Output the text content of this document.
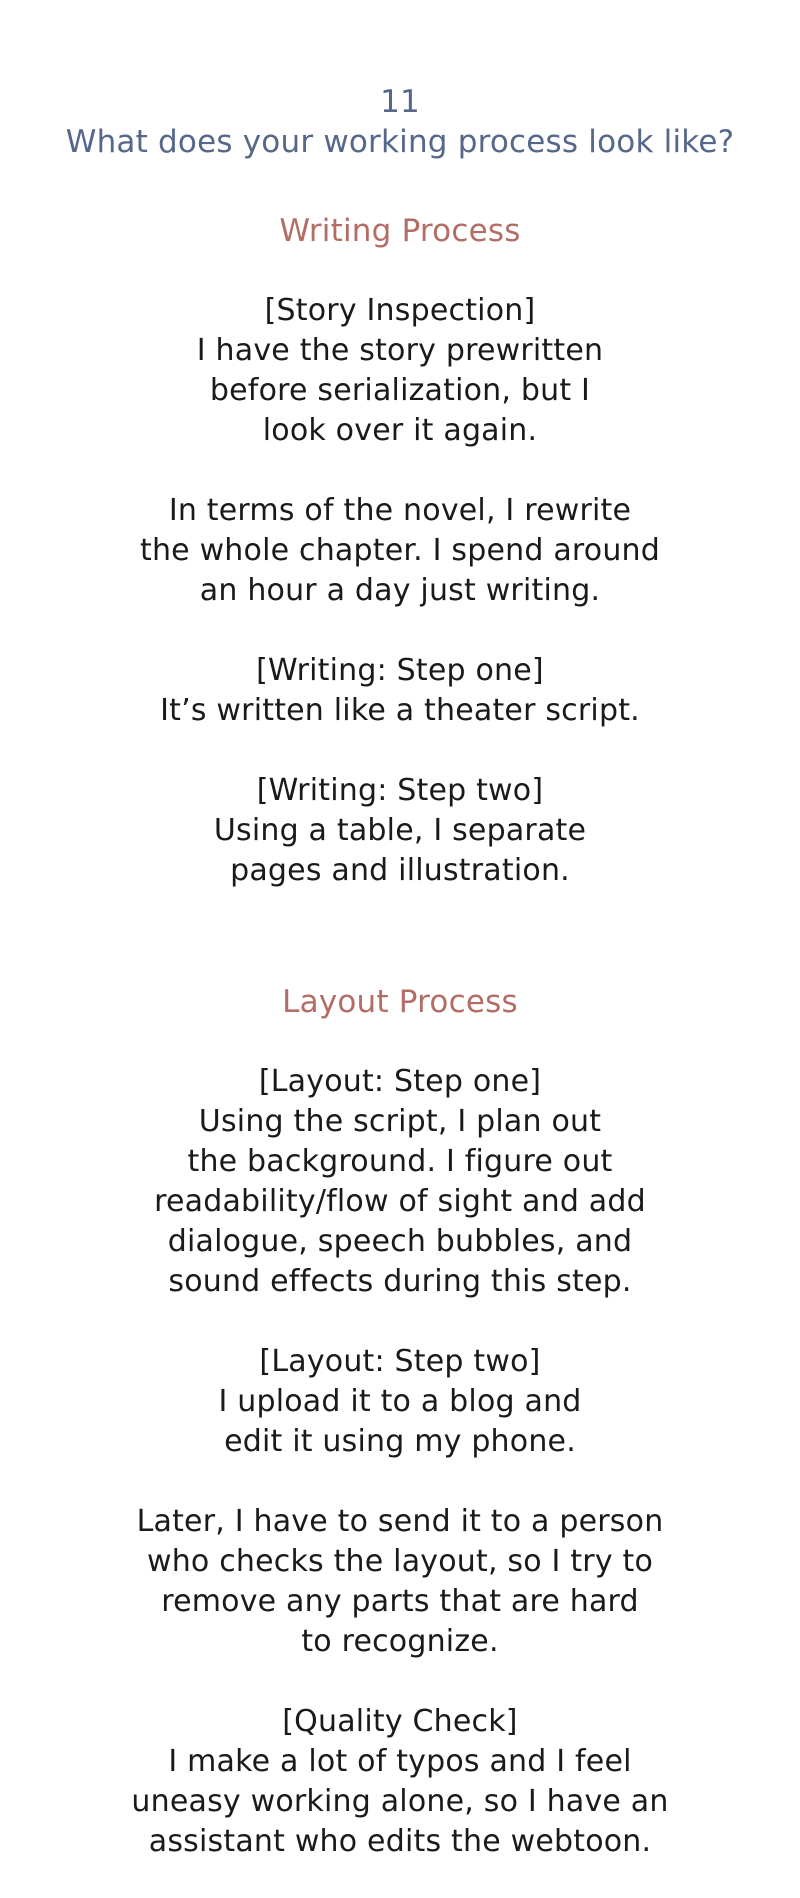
11
What does your working process look like?
Writing Process
[Story Inspection]
I have the story prewritten
before serialization, but I
look over it again.
In terms of the novel, I rewrite
the whole chapter. I spend around
an hour a day just writing.
[Writing: Step one]
It’s written like a theater script.
[Writing: Step two]
Using a table, I separate
pages and illustration.
Layout Process
[Layout: Step one]
Using the script, I plan out
the background. I figure out
readability/flow of sight and add
dialogue, speech bubbles, and
sound effects during this step.
[Layout: Step two]
I upload it to a blog and
edit it using my phone.
Later, I have to send it to a person
who checks the layout, so I try to
remove any parts that are hard
to recognize.
[Quality Check]
I make a lot of typos and I feel
uneasy working alone, so I have an
assistant who edits the webtoon.
